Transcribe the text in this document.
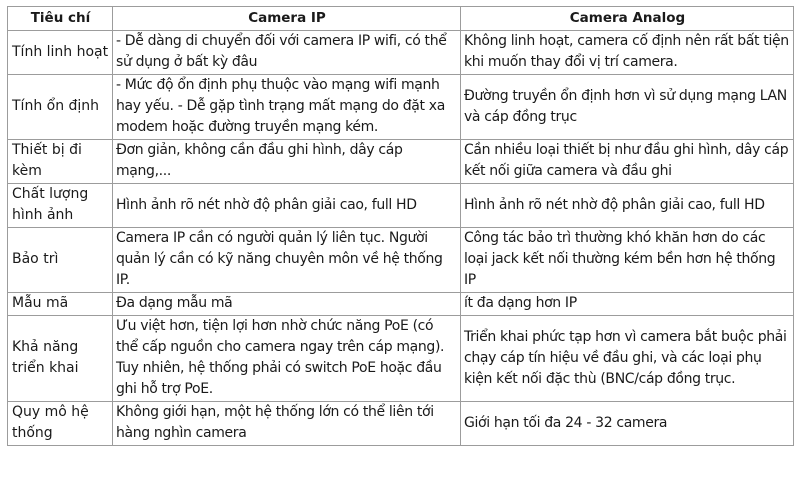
Tiêu chí	Camera IP	Camera Analog
Tính linh hoạt	- Dễ dàng di chuyển đối với camera IP wifi, có thể sử dụng ở bất kỳ đâu	Không linh hoạt, camera cố định nên rất bất tiện khi muốn thay đổi vị trí camera.
Tính ổn định	- Mức độ ổn định phụ thuộc vào mạng wifi mạnh hay yếu. - Dễ gặp tình trạng mất mạng do đặt xa modem hoặc đường truyền mạng kém.	Đường truyền ổn định hơn vì sử dụng mạng LAN và cáp đồng trục
Thiết bị đi kèm	Đơn giản, không cần đầu ghi hình, dây cáp mạng,...	Cần nhiều loại thiết bị như đầu ghi hình, dây cáp kết nối giữa camera và đầu ghi
Chất lượng hình ảnh	Hình ảnh rõ nét nhờ độ phân giải cao, full HD	Hình ảnh rõ nét nhờ độ phân giải cao, full HD
Bảo trì	Camera IP cần có người quản lý liên tục. Người quản lý cần có kỹ năng chuyên môn về hệ thống IP.	Công tác bảo trì thường khó khăn hơn do các loại jack kết nối thường kém bền hơn hệ thống IP
Mẫu mã	Đa dạng mẫu mã	ít đa dạng hơn IP
Khả năng triển khai	Ưu việt hơn, tiện lợi hơn nhờ chức năng PoE (có thể cấp nguồn cho camera ngay trên cáp mạng). Tuy nhiên, hệ thống phải có switch PoE hoặc đầu ghi hỗ trợ PoE.	Triển khai phức tạp hơn vì camera bắt buộc phải chạy cáp tín hiệu về đầu ghi, và các loại phụ kiện kết nối đặc thù (BNC/cáp đồng trục.
Quy mô hệ thống	Không giới hạn, một hệ thống lớn có thể liên tới hàng nghìn camera	Giới hạn tối đa 24 - 32 camera
